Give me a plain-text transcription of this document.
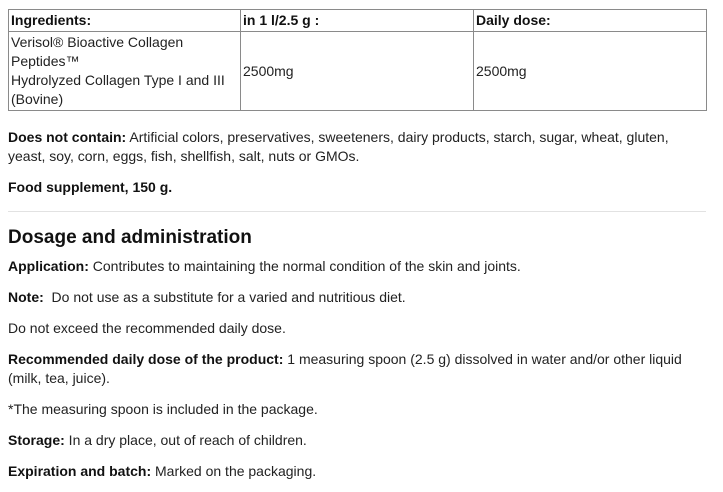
Ingredients:	in 1 l/2.5 g :	Daily dose:

Verisol® Bioactive Collagen
Peptides™
Hydrolyzed Collagen Type I and III
(Bovine)	2500mg	2500mg

Does not contain: Artificial colors, preservatives, sweeteners, dairy products, starch, sugar, wheat, gluten, yeast, soy, corn, eggs, fish, shellfish, salt, nuts or GMOs.

Food supplement, 150 g.

Dosage and administration

Application: Contributes to maintaining the normal condition of the skin and joints.

Note:  Do not use as a substitute for a varied and nutritious diet.

Do not exceed the recommended daily dose.

Recommended daily dose of the product: 1 measuring spoon (2.5 g) dissolved in water and/or other liquid (milk, tea, juice).

*The measuring spoon is included in the package.

Storage: In a dry place, out of reach of children.

Expiration and batch: Marked on the packaging.
